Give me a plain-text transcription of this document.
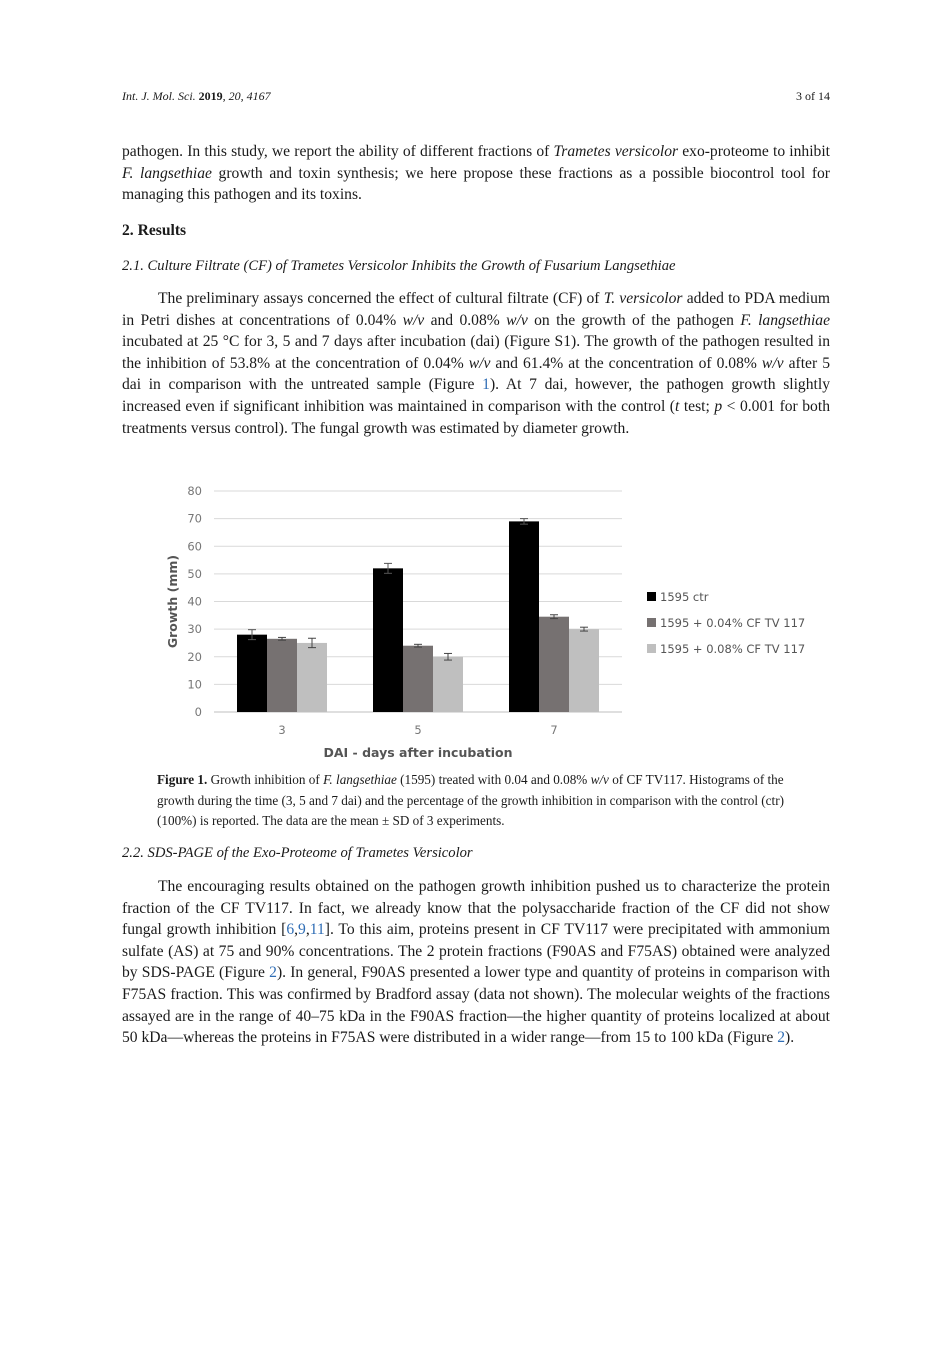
Int. J. Mol. Sci. 2019, 20, 4167	3 of 14
pathogen. In this study, we report the ability of different fractions of Trametes versicolor exo-proteome to inhibit F. langsethiae growth and toxin synthesis; we here propose these fractions as a possible biocontrol tool for managing this pathogen and its toxins.
2. Results
2.1. Culture Filtrate (CF) of Trametes Versicolor Inhibits the Growth of Fusarium Langsethiae
The preliminary assays concerned the effect of cultural filtrate (CF) of T. versicolor added to PDA medium in Petri dishes at concentrations of 0.04% w/v and 0.08% w/v on the growth of the pathogen F. langsethiae incubated at 25 °C for 3, 5 and 7 days after incubation (dai) (Figure S1). The growth of the pathogen resulted in the inhibition of 53.8% at the concentration of 0.04% w/v and 61.4% at the concentration of 0.08% w/v after 5 dai in comparison with the untreated sample (Figure 1). At 7 dai, however, the pathogen growth slightly increased even if significant inhibition was maintained in comparison with the control (t test; p < 0.001 for both treatments versus control). The fungal growth was estimated by diameter growth.
0
10
20
30
40
50
60
70
80
3	5	7
DAI - days after incubation
Growth (mm)	1595 ctr
1595 + 0.04% CF TV 117
1595 + 0.08% CF TV 117
Figure 1. Growth inhibition of F. langsethiae (1595) treated with 0.04 and 0.08% w/v of CF TV117. Histograms of the growth during the time (3, 5 and 7 dai) and the percentage of the growth inhibition in comparison with the control (ctr) (100%) is reported. The data are the mean ± SD of 3 experiments.
2.2. SDS-PAGE of the Exo-Proteome of Trametes Versicolor
The encouraging results obtained on the pathogen growth inhibition pushed us to characterize the protein fraction of the CF TV117. In fact, we already know that the polysaccharide fraction of the CF did not show fungal growth inhibition [6,9,11]. To this aim, proteins present in CF TV117 were precipitated with ammonium sulfate (AS) at 75 and 90% concentrations. The 2 protein fractions (F90AS and F75AS) obtained were analyzed by SDS-PAGE (Figure 2). In general, F90AS presented a lower type and quantity of proteins in comparison with F75AS fraction. This was confirmed by Bradford assay (data not shown). The molecular weights of the fractions assayed are in the range of 40–75 kDa in the F90AS fraction—the higher quantity of proteins localized at about 50 kDa—whereas the proteins in F75AS were distributed in a wider range—from 15 to 100 kDa (Figure 2).
